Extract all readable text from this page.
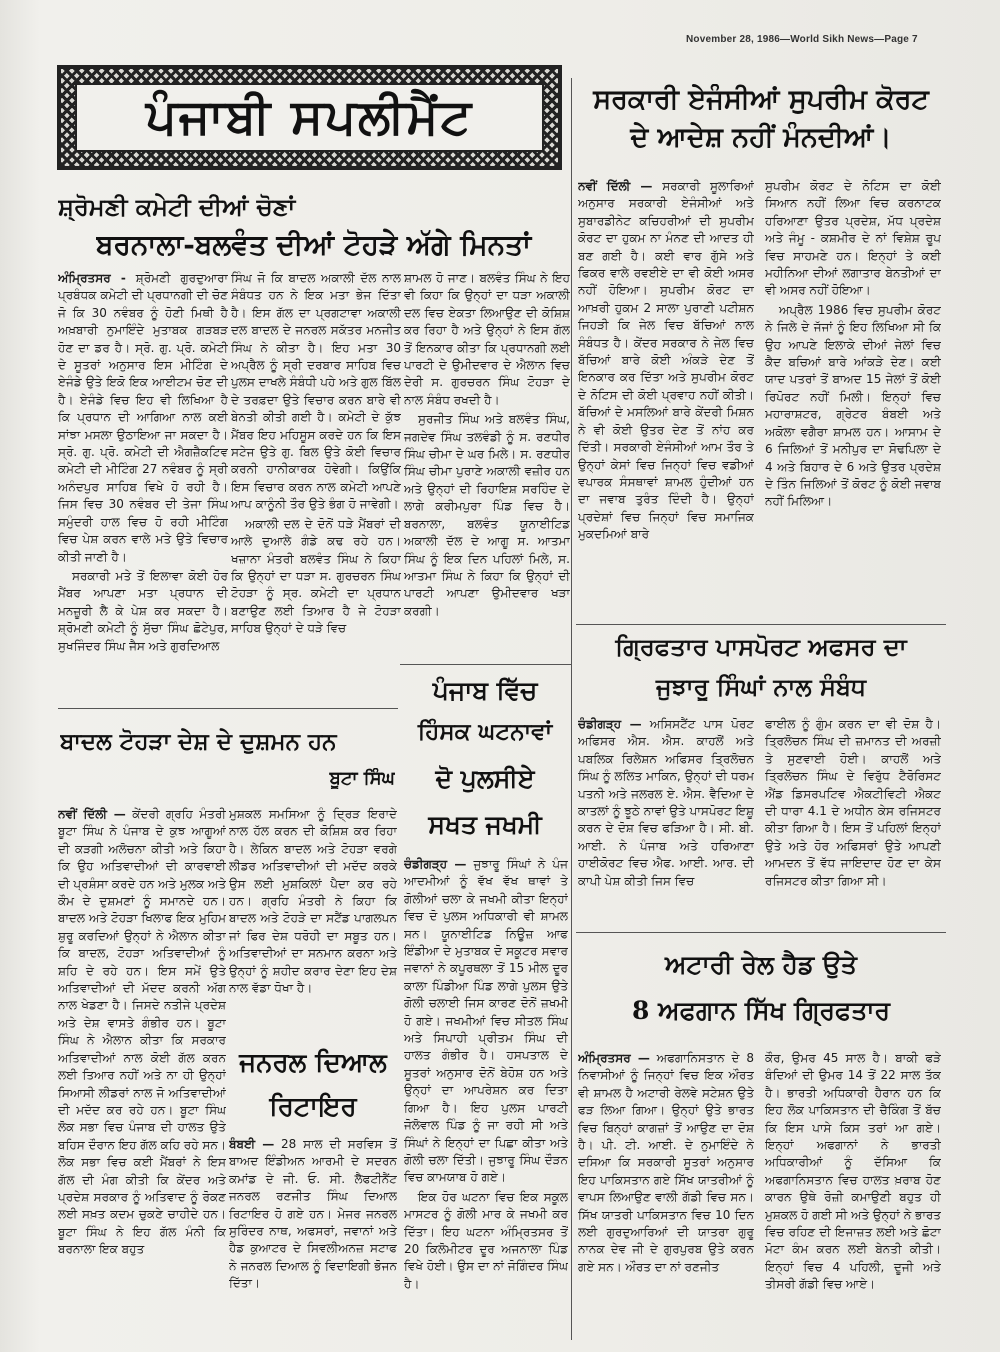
November 28, 1986—World Sikh News—Page 7
ਪੰਜਾਬੀ ਸਪਲੀਮੈਂਟ
ਸ਼੍ਰੋਮਣੀ ਕਮੇਟੀ ਦੀਆਂ ਚੋਣਾਂ
ਬਰਨਾਲਾ-ਬਲਵੰਤ ਦੀਆਂ ਟੋਹੜੇ ਅੱਗੇ ਮਿਨਤਾਂ

ਅੰਮ੍ਰਿਤਸਰ - ਸ਼੍ਰੋਮਣੀ ਗੁਰਦੁਆਰਾ ਪ੍ਰਬੰਧਕ ਕਮੇਟੀ ਦੀ ਪ੍ਰਧਾਨਗੀ ਦੀ ਚੋਣ ਜੋ ਕਿ 30 ਨਵੰਬਰ ਨੂੰ ਹੋਣੀ ਮਿਥੀ ਹੈ ਅਖ਼ਬਾਰੀ ਨੁਮਾਇੰਦੇ ਮੁਤਾਬਕ ਗੜਬੜ ਹੋਣ ਦਾ ਡਰ ਹੈ। ਸ੍ਰੋ. ਗੁ. ਪ੍ਰੋ. ਕਮੇਟੀ ਦੇ ਸੂਤਰਾਂ ਅਨੁਸਾਰ ਇਸ ਮੀਟਿੰਗ ਦੇ ਏਜੰਡੇ ਉਤੇ ਇਕੋ ਇਕ ਆਈਟਮ ਚੋਣ ਦੀ ਹੈ। ਏਜੰਡੇ ਵਿਚ ਇਹ ਵੀ ਲਿਖਿਆ ਹੈ ਕਿ ਪ੍ਰਧਾਨ ਦੀ ਆਗਿਆ ਨਾਲ ਕਈ ਸਾਂਝਾ ਮਸਲਾ ਉਠਾਇਆ ਜਾ ਸਕਦਾ ਹੈ। ਸ੍ਰੋ. ਗੁ. ਪ੍ਰੋ. ਕਮੇਟੀ ਦੀ ਐਗਜ਼ੈਕਟਿਵ ਕਮੇਟੀ ਦੀ ਮੀਟਿੰਗ 27 ਨਵੰਬਰ ਨੂੰ ਸ੍ਰੀ ਅਨੰਦਪੁਰ ਸਾਹਿਬ ਵਿਖੇ ਹੋ ਰਹੀ ਹੈ। ਜਿਸ ਵਿਚ 30 ਨਵੰਬਰ ਦੀ ਤੇਜਾ ਸਿੰਘ ਸਮੁੰਦਰੀ ਹਾਲ ਵਿਚ ਹੋ ਰਹੀ ਮੀਟਿੰਗ ਵਿਚ ਪੇਸ਼ ਕਰਨ ਵਾਲੇ ਮਤੇ ਉਤੇ ਵਿਚਾਰ ਕੀਤੀ ਜਾਣੀ ਹੈ।

ਸਰਕਾਰੀ ਮਤੇ ਤੋਂ ਇਲਾਵਾ ਕੋਈ ਹੋਰ ਮੈਂਬਰ ਆਪਣਾ ਮਤਾ ਪ੍ਰਧਾਨ ਦੀ ਮਨਜ਼ੂਰੀ ਲੈ ਕੇ ਪੇਸ਼ ਕਰ ਸਕਦਾ ਹੈ। ਸ਼੍ਰੋਮਣੀ ਕਮੇਟੀ ਨੂੰ ਸੁੱਚਾ ਸਿੰਘ ਛੋਟੇਪੁਰ, ਸੁਖਜਿੰਦਰ ਸਿੰਘ ਜੈਸ ਅਤੇ ਗੁਰਦਿਆਲ

ਸਿੰਘ ਜੋ ਕਿ ਬਾਦਲ ਅਕਾਲੀ ਦੱਲ ਨਾਲ ਸੰਬੰਧਤ ਹਨ ਨੇ ਇਕ ਮਤਾ ਭੇਜ ਦਿੱਤਾ ਹੈ। ਇਸ ਗੱਲ ਦਾ ਪ੍ਰਗਟਾਵਾ ਅਕਾਲੀ ਦਲ ਬਾਦਲ ਦੇ ਜਨਰਲ ਸਕੱਤਰ ਮਨਜੀਤ ਸਿੰਘ ਨੇ ਕੀਤਾ ਹੈ। ਇਹ ਮਤਾ 30 ਅਪ੍ਰੈਲ ਨੂੰ ਸ੍ਰੀ ਦਰਬਾਰ ਸਾਹਿਬ ਵਿਚ ਪੁਲਸ ਦਾਖਲੇ ਸੰਬੰਧੀ ਪਹੇ ਅਤੇ ਗੁਲ ਬਿੱਲ ਦੇ ਤਰਫ਼ਦਾ ਉਤੇ ਵਿਚਾਰ ਕਰਨ ਬਾਰੇ ਵੀ ਬੇਨਤੀ ਕੀਤੀ ਗਈ ਹੈ। ਕਮੇਟੀ ਦੇ ਕੁੱਝ ਮੈਂਬਰ ਇਹ ਮਹਿਸੂਸ ਕਰਦੇ ਹਨ ਕਿ ਇਸ ਸਟੇਜ ਉਤੇ ਗੁ. ਬਿਲ ਉਤੇ ਕੋਈ ਵਿਚਾਰ ਕਰਨੀ ਹਾਨੀਕਾਰਕ ਹੋਵੇਗੀ। ਕਿਉਂਕਿ ਇਸ ਵਿਚਾਰ ਕਰਨ ਨਾਲ ਕਮੇਟੀ ਆਪਣੇ ਆਪ ਕਾਨੂੰਨੀ ਤੌਰ ਉਤੇ ਭੰਗ ਹੋ ਜਾਵੇਗੀ।

ਅਕਾਲੀ ਦਲ ਦੇ ਦੋਨੋਂ ਧੜੇ ਮੈਂਬਰਾਂ ਦੀ ਆਲੇ ਦੁਆਲੇ ਗੰਡੇ ਕਢ ਰਹੇ ਹਨ। ਖਜ਼ਾਨਾ ਮੰਤਰੀ ਬਲਵੰਤ ਸਿੰਘ ਨੇ ਕਿਹਾ ਕਿ ਉਨ੍ਹਾਂ ਦਾ ਧੜਾ ਸ. ਗੁਰਚਰਨ ਸਿੰਘ ਟੋਹੜਾ ਨੂੰ ਸ੍ਰ. ਕਮੇਟੀ ਦਾ ਪ੍ਰਧਾਨ ਬਣਾਉਣ ਲਈ ਤਿਆਰ ਹੈ ਜੇ ਟੋਹੜਾ ਸਾਹਿਬ ਉਨ੍ਹਾਂ ਦੇ ਧੜੇ ਵਿਚ

ਸ਼ਾਮਲ ਹੋ ਜਾਣ। ਬਲਵੰਤ ਸਿੰਘ ਨੇ ਇਹ ਵੀ ਕਿਹਾ ਕਿ ਉਨ੍ਹਾਂ ਦਾ ਧੜਾ ਅਕਾਲੀ ਦਲ ਵਿਚ ਏਕਤਾ ਲਿਆਉਣ ਦੀ ਕੋਸ਼ਿਸ਼ ਕਰ ਰਿਹਾ ਹੈ ਅਤੇ ਉਨ੍ਹਾਂ ਨੇ ਇਸ ਗੱਲ ਤੋਂ ਇਨਕਾਰ ਕੀਤਾ ਕਿ ਪ੍ਰਧਾਨਗੀ ਲਈ ਪਾਰਟੀ ਦੇ ਉਮੀਦਵਾਰ ਦੇ ਐਲਾਨ ਵਿਚ ਦੇਰੀ ਸ. ਗੁਰਚਰਨ ਸਿੰਘ ਟੋਹੜਾ ਦੇ ਨਾਲ ਸੰਬੰਧ ਰਖਦੀ ਹੈ।

ਸੁਰਜੀਤ ਸਿੰਘ ਅਤੇ ਬਲਵੰਤ ਸਿੰਘ, ਜਗਦੇਵ ਸਿੰਘ ਤਲਵੰਡੀ ਨੂੰ ਸ. ਰਣਧੀਰ ਸਿੰਘ ਚੀਮਾ ਦੇ ਘਰ ਮਿਲੇ। ਸ. ਰਣਧੀਰ ਸਿੰਘ ਚੀਮਾ ਪੁਰਾਣੇ ਅਕਾਲੀ ਵਜ਼ੀਰ ਹਨ ਅਤੇ ਉਨ੍ਹਾਂ ਦੀ ਰਿਹਾਇਸ਼ ਸਰਹਿੰਦ ਦੇ ਲਾਗੇ ਕਰੀਮਪੁਰਾ ਪਿੰਡ ਵਿਚ ਹੈ। ਬਰਨਾਲਾ, ਬਲਵੰਤ ਯੂਨਾਈਟਿਡ ਅਕਾਲੀ ਦੱਲ ਦੇ ਆਗੂ ਸ. ਆਤਮਾ ਸਿੰਘ ਨੂੰ ਇਕ ਦਿਨ ਪਹਿਲਾਂ ਮਿਲੇ, ਸ. ਆਤਮਾ ਸਿੰਘ ਨੇ ਕਿਹਾ ਕਿ ਉਨ੍ਹਾਂ ਦੀ ਪਾਰਟੀ ਆਪਣਾ ਉਮੀਦਵਾਰ ਖੜਾ ਕਰਗੀ।

ਸਰਕਾਰੀ ਏਜੰਸੀਆਂ ਸੁਪਰੀਮ ਕੋਰਟ
ਦੇ ਆਦੇਸ਼ ਨਹੀਂ ਮੰਨਦੀਆਂ।

ਨਵੀਂ ਦਿੱਲੀ — ਸਰਕਾਰੀ ਸੂਲਾਰਿਆਂ ਅਨੁਸਾਰ ਸਰਕਾਰੀ ਏਜੰਸੀਆਂ ਅਤੇ ਸੁਬਾਰਡੀਨੇਟ ਕਚਿਹਰੀਆਂ ਦੀ ਸੁਪਰੀਮ ਕੋਰਟ ਦਾ ਹੁਕਮ ਨਾ ਮੰਨਣ ਦੀ ਆਦਤ ਹੀ ਬਣ ਗਈ ਹੈ। ਕਈ ਵਾਰ ਗੁੱਸੇ ਅਤੇ ਫਿਕਰ ਵਾਲੇ ਰਵਈਏ ਦਾ ਵੀ ਕੋਈ ਅਸਰ ਨਹੀਂ ਹੋਇਆ। ਸੁਪਰੀਮ ਕੋਰਟ ਦਾ ਆਖ਼ਰੀ ਹੁਕਮ 2 ਸਾਲਾ ਪੁਰਾਣੀ ਪਟੀਸ਼ਨ ਜਿਹੜੀ ਕਿ ਜੇਲ ਵਿਚ ਬੱਚਿਆਂ ਨਾਲ ਸੰਬੰਧਤ ਹੈ। ਕੇਂਦਰ ਸਰਕਾਰ ਨੇ ਜੇਲ ਵਿਚ ਬੱਚਿਆਂ ਬਾਰੇ ਕੋਈ ਅੰਕੜੇ ਦੇਣ ਤੋਂ ਇਨਕਾਰ ਕਰ ਦਿੱਤਾ ਅਤੇ ਸੁਪਰੀਮ ਕੋਰਟ ਦੇ ਨੋਟਿਸ ਦੀ ਕੋਈ ਪ੍ਰਵਾਹ ਨਹੀਂ ਕੀਤੀ। ਬੱਚਿਆਂ ਦੇ ਮਸਲਿਆਂ ਬਾਰੇ ਕੇਂਦਰੀ ਮਿਸ਼ਨ ਨੇ ਵੀ ਕੋਈ ਉਤਰ ਦੇਣ ਤੋਂ ਨਾਂਹ ਕਰ ਦਿੱਤੀ। ਸਰਕਾਰੀ ਏਜੰਸੀਆਂ ਆਮ ਤੌਰ ਤੇ ਉਨ੍ਹਾਂ ਕੇਸਾਂ ਵਿਚ ਜਿਨ੍ਹਾਂ ਵਿਚ ਵਡੀਆਂ ਵਪਾਰਕ ਸੰਸਥਾਵਾਂ ਸ਼ਾਮਲ ਹੁੰਦੀਆਂ ਹਨ ਦਾ ਜਵਾਬ ਤੁਰੰਤ ਦਿੰਦੀ ਹੈ। ਉਨ੍ਹਾਂ ਪ੍ਰਦੇਸ਼ਾਂ ਵਿਚ ਜਿਨ੍ਹਾਂ ਵਿਚ ਸਮਾਜਿਕ ਮੁਕਦਮਿਆਂ ਬਾਰੇ

ਸੁਪਰੀਮ ਕੋਰਟ ਦੇ ਨੋਟਿਸ ਦਾ ਕੋਈ ਸਿਆਨ ਨਹੀਂ ਲਿਆ ਵਿਚ ਕਰਨਾਟਕ ਹਰਿਆਣਾ ਉਤਰ ਪ੍ਰਦੇਸ਼, ਮੱਧ ਪ੍ਰਦੇਸ਼ ਅਤੇ ਜੰਮੂ - ਕਸ਼ਮੀਰ ਦੇ ਨਾਂ ਵਿਸ਼ੇਸ਼ ਰੂਪ ਵਿਚ ਸਾਹਮਣੇ ਹਨ। ਇਨ੍ਹਾਂ ਤੇ ਕਈ ਮਹੀਨਿਆ ਦੀਆਂ ਲਗਾਤਾਰ ਬੇਨਤੀਆਂ ਦਾ ਵੀ ਅਸਰ ਨਹੀਂ ਹੋਇਆ।

ਅਪ੍ਰੈਲ 1986 ਵਿਚ ਸੁਪਰੀਮ ਕੋਰਟ ਨੇ ਜਿਲੇ ਦੇ ਜੱਜਾਂ ਨੂੰ ਇਹ ਲਿਖਿਆ ਸੀ ਕਿ ਉਹ ਆਪਣੇ ਇਲਾਕੇ ਦੀਆਂ ਜੇਲਾਂ ਵਿਚ ਕੈਦ ਬਚਿਆਂ ਬਾਰੇ ਆਂਕੜੇ ਦੇਣ। ਕਈ ਯਾਦ ਪਤਰਾਂ ਤੋਂ ਬਾਅਦ 15 ਜੇਲਾਂ ਤੋਂ ਕੋਈ ਰਿਪੋਰਟ ਨਹੀਂ ਮਿਲੀ। ਇਨ੍ਹਾਂ ਵਿਚ ਮਹਾਰਾਸ਼ਟਰ, ਗ੍ਰੇਟਰ ਬੰਬਈ ਅਤੇ ਅਕੋਲਾ ਵਗੈਰਾ ਸ਼ਾਮਲ ਹਨ। ਆਸਾਮ ਦੇ 6 ਜਿਲਿਆਂ ਤੋਂ ਮਨੀਪੁਰ ਦਾ ਸੋਢਪਿਲਾ ਦੇ 4 ਅਤੇ ਬਿਹਾਰ ਦੇ 6 ਅਤੇ ਉਤਰ ਪ੍ਰਦੇਸ਼ ਦੇ ਤਿੰਨ ਜਿਲਿਆਂ ਤੋਂ ਕੋਰਟ ਨੂੰ ਕੋਈ ਜਵਾਬ ਨਹੀਂ ਮਿਲਿਆ।

ਗ੍ਰਿਫਤਾਰ ਪਾਸਪੋਰਟ ਅਫਸਰ ਦਾ
ਜੁਝਾਰੂ ਸਿੰਘਾਂ ਨਾਲ ਸੰਬੰਧ

ਚੰਡੀਗੜ੍ਹ — ਅਸਿਸਟੈਂਟ ਪਾਸ ਪੋਰਟ ਅਫਿਸਰ ਐਸ. ਐਸ. ਕਾਹਲੋਂ ਅਤੇ ਪਬਲਿਕ ਰਿਲੇਸ਼ਨ ਅਫਿਸਰ ਤ੍ਰਿਲੋਚਨ ਸਿੰਘ ਨੂੰ ਲਲਿਤ ਮਾਕਿਨ, ਉਨ੍ਹਾਂ ਦੀ ਧਰਮ ਪਤਨੀ ਅਤੇ ਜਲਰਲ ਏ. ਐਸ. ਵੈਦਿਆ ਦੇ ਕਾਤਲਾਂ ਨੂੰ ਝੂਠੇ ਨਾਵਾਂ ਉਤੇ ਪਾਸਪੋਰਟ ਇਸ਼ੂ ਕਰਨ ਦੇ ਦੋਸ਼ ਵਿਚ ਫੜਿਆ ਹੈ। ਸੀ. ਬੀ. ਆਈ. ਨੇ ਪੰਜਾਬ ਅਤੇ ਹਰਿਆਣਾ ਹਾਈਕੋਰਟ ਵਿਚ ਐਫ. ਆਈ. ਆਰ. ਦੀ ਕਾਪੀ ਪੇਸ਼ ਕੀਤੀ ਜਿਸ ਵਿਚ

ਫਾਈਲ ਨੂੰ ਗੁੰਮ ਕਰਨ ਦਾ ਵੀ ਦੋਸ਼ ਹੈ। ਤ੍ਰਿਲੋਚਨ ਸਿੰਘ ਦੀ ਜ਼ਮਾਨਤ ਦੀ ਅਰਜ਼ੀ ਤੇ ਸੁਣਵਾਈ ਹੋਈ। ਕਾਹਲੋਂ ਅਤੇ ਤ੍ਰਿਲੋਚਨ ਸਿੰਘ ਦੇ ਵਿਰੁੱਧ ਟੈਰੋਰਿਸਟ ਐਂਡ ਡਿਸਰਪਟਿਵ ਐਕਟੀਵਿਟੀ ਐਕਟ ਦੀ ਧਾਰਾ 4.1 ਦੇ ਅਧੀਨ ਕੇਸ ਰਜਿਸਟਰ ਕੀਤਾ ਗਿਆ ਹੈ। ਇਸ ਤੋਂ ਪਹਿਲਾਂ ਇਨ੍ਹਾਂ ਉਤੇ ਅਤੇ ਹੋਰ ਅਫਿਸਰਾਂ ਉਤੇ ਆਪਣੀ ਆਮਦਨ ਤੋਂ ਵੱਧ ਜਾਇਦਾਦ ਹੋਣ ਦਾ ਕੇਸ ਰਜਿਸਟਰ ਕੀਤਾ ਗਿਆ ਸੀ।

ਅਟਾਰੀ ਰੇਲ ਹੈਡ ਉਤੇ
8 ਅਫਗਾਨ ਸਿੱਖ ਗ੍ਰਿਫਤਾਰ

ਅੰਮ੍ਰਿਤਸਰ — ਅਫਗਾਨਿਸਤਾਨ ਦੇ 8 ਨਿਵਾਸੀਆਂ ਨੂੰ ਜਿਨ੍ਹਾਂ ਵਿਚ ਇਕ ਔਰਤ ਵੀ ਸ਼ਾਮਲ ਹੈ ਅਟਾਰੀ ਰੇਲਵੇ ਸਟੇਸ਼ਨ ਉਤੇ ਫੜ ਲਿਆ ਗਿਆ। ਉਨ੍ਹਾਂ ਉਤੇ ਭਾਰਤ ਵਿਚ ਬਿਨ੍ਹਾਂ ਕਾਗਜ਼ਾਂ ਤੋਂ ਆਉਣ ਦਾ ਦੋਸ਼ ਹੈ। ਪੀ. ਟੀ. ਆਈ. ਦੇ ਨੁਮਾਇੰਦੇ ਨੇ ਦਸਿਆ ਕਿ ਸਰਕਾਰੀ ਸੂਤਰਾਂ ਅਨੁਸਾਰ ਇਹ ਪਾਕਿਸਤਾਨ ਗਏ ਸਿੱਖ ਯਾਤਰੀਆਂ ਨੂੰ ਵਾਪਸ ਲਿਆਉਣ ਵਾਲੀ ਗੱਡੀ ਵਿਚ ਸਨ। ਸਿੱਖ ਯਾਤਰੀ ਪਾਕਿਸਤਾਨ ਵਿਚ 10 ਦਿਨ ਲਈ ਗੁਰਦੁਆਰਿਆਂ ਦੀ ਯਾਤਰਾ ਗੁਰੂ ਨਾਨਕ ਦੇਵ ਜੀ ਦੇ ਗੁਰਪੁਰਬ ਉਤੇ ਕਰਨ ਗਏ ਸਨ। ਔਰਤ ਦਾ ਨਾਂ ਰਣਜੀਤ

ਕੌਰ, ਉਮਰ 45 ਸਾਲ ਹੈ। ਬਾਕੀ ਫੜੇ ਬੰਦਿਆਂ ਦੀ ਉਮਰ 14 ਤੋਂ 22 ਸਾਲ ਤੱਕ ਹੈ। ਭਾਰਤੀ ਅਧਿਕਾਰੀ ਹੈਰਾਨ ਹਨ ਕਿ ਇਹ ਲੋਕ ਪਾਕਿਸਤਾਨ ਦੀ ਚੈਕਿੰਗ ਤੋਂ ਬੱਚ ਕਿ ਇਸ ਪਾਸੇ ਕਿਸ ਤਰਾਂ ਆ ਗਏ। ਇਨ੍ਹਾਂ ਅਫਗਾਨਾਂ ਨੇ ਭਾਰਤੀ ਅਧਿਕਾਰੀਆਂ ਨੂੰ ਦੱਸਿਆ ਕਿ ਅਫਗਾਨਿਸਤਾਨ ਵਿਚ ਹਾਲਤ ਖ਼ਰਾਬ ਹੋਣ ਕਾਰਨ ਉਥੇ ਰੋਜ਼ੀ ਕਮਾਉਣੀ ਬਹੁਤ ਹੀ ਮੁਸ਼ਕਲ ਹੋ ਗਈ ਸੀ ਅਤੇ ਉਨ੍ਹਾਂ ਨੇ ਭਾਰਤ ਵਿਚ ਰਹਿਣ ਦੀ ਇਜਾਜ਼ਤ ਲਈ ਅਤੇ ਛੋਟਾ ਮੋਟਾ ਕੰਮ ਕਰਨ ਲਈ ਬੇਨਤੀ ਕੀਤੀ। ਇਨ੍ਹਾਂ ਵਿਚ 4 ਪਹਿਲੀ, ਦੂਜੀ ਅਤੇ ਤੀਸਰੀ ਗੱਡੀ ਵਿਚ ਆਏ।

ਬਾਦਲ ਟੋਹੜਾ ਦੇਸ਼ ਦੇ ਦੁਸ਼ਮਨ ਹਨ
ਬੂਟਾ ਸਿੰਘ

ਨਵੀਂ ਦਿੱਲੀ — ਕੇਂਦਰੀ ਗ੍ਰਹਿ ਮੰਤਰੀ ਬੂਟਾ ਸਿੰਘ ਨੇ ਪੰਜਾਬ ਦੇ ਕੁਝ ਆਗੂਆਂ ਦੀ ਕੜਗੀ ਅਲੋਚਨਾ ਕੀਤੀ ਅਤੇ ਕਿਹਾ ਕਿ ਉਹ ਅਤਿਵਾਦੀਆਂ ਦੀ ਕਾਰਵਾਈ ਦੀ ਪ੍ਰਸ਼ੰਸਾ ਕਰਦੇ ਹਨ ਅਤੇ ਮੁਲਕ ਅਤੇ ਕੌਮ ਦੇ ਦੁਸ਼ਮਣਾਂ ਨੂੰ ਸਮਾਨਦੇ ਹਨ। ਬਾਦਲ ਅਤੇ ਟੋਹੜਾ ਖਿਲਾਫ ਇਕ ਮੁਹਿਮ ਸ਼ੁਰੂ ਕਰਦਿਆਂ ਉਨ੍ਹਾਂ ਨੇ ਐਲਾਨ ਕੀਤਾ ਕਿ ਬਾਦਲ, ਟੋਹੜਾ ਅਤਿਵਾਦੀਆਂ ਨੂੰ ਸ਼ਹਿ ਦੇ ਰਹੇ ਹਨ। ਇਸ ਸਮੇਂ ਉਤੇ ਅਤਿਵਾਦੀਆਂ ਦੀ ਮੱਦਦ ਕਰਨੀ ਅੱਗ ਨਾਲ ਖੇਡਣਾ ਹੈ। ਜਿਸਦੇ ਨਤੀਜੇ ਪ੍ਰਦੇਸ਼ ਅਤੇ ਦੇਸ਼ ਵਾਸਤੇ ਗੰਭੀਰ ਹਨ। ਬੂਟਾ ਸਿੰਘ ਨੇ ਐਲਾਨ ਕੀਤਾ ਕਿ ਸਰਕਾਰ ਅਤਿਵਾਦੀਆਂ ਨਾਲ ਕੋਈ ਗੱਲ ਕਰਨ ਲਈ ਤਿਆਰ ਨਹੀਂ ਅਤੇ ਨਾ ਹੀ ਉਨ੍ਹਾਂ ਸਿਆਸੀ ਲੀਡਰਾਂ ਨਾਲ ਜੋ ਅਤਿਵਾਦੀਆਂ ਦੀ ਮਦੱਦ ਕਰ ਰਹੇ ਹਨ। ਬੂਟਾ ਸਿੰਘ ਲੋਕ ਸਭਾ ਵਿਚ ਪੰਜਾਬ ਦੀ ਹਾਲਤ ਉਤੇ ਬਹਿਸ ਦੌਰਾਨ ਇਹ ਗੱਲ ਕਹਿ ਰਹੇ ਸਨ। ਲੋਕ ਸਭਾ ਵਿਚ ਕਈ ਮੈਂਬਰਾਂ ਨੇ ਇਸ ਗੱਲ ਦੀ ਮੰਗ ਕੀਤੀ ਕਿ ਕੇਂਦਰ ਅਤੇ ਪ੍ਰਦੇਸ਼ ਸਰਕਾਰ ਨੂੰ ਅਤਿਵਾਦ ਨੂੰ ਰੋਕਣ ਲਈ ਸਖ਼ਤ ਕਦਮ ਚੁਕਣੇ ਚਾਹੀਦੇ ਹਨ। ਬੂਟਾ ਸਿੰਘ ਨੇ ਇਹ ਗੱਲ ਮੰਨੀ ਕਿ ਬਰਨਾਲਾ ਇਕ ਬਹੁਤ

ਮੁਸ਼ਕਲ ਸਮਸਿਆ ਨੂੰ ਦ੍ਰਿੜ ਇਰਾਦੇ ਨਾਲ ਹੱਲ ਕਰਨ ਦੀ ਕੋਸ਼ਿਸ਼ ਕਰ ਰਿਹਾ ਹੈ। ਲੇਕਿਨ ਬਾਦਲ ਅਤੇ ਟੋਹੜਾ ਵਰਗੇ ਲੀਡਰ ਅਤਿਵਾਦੀਆਂ ਦੀ ਮਦੱਦ ਕਰਕੇ ਉਸ ਲਈ ਮੁਸ਼ਕਿਲਾਂ ਪੈਦਾ ਕਰ ਰਹੇ ਹਨ। ਗ੍ਰਹਿ ਮੰਤਰੀ ਨੇ ਕਿਹਾ ਕਿ ਬਾਦਲ ਅਤੇ ਟੋਹੜੇ ਦਾ ਸਟੈਂਡ ਪਾਗਲਪਨ ਜਾਂ ਫਿਰ ਦੇਸ਼ ਧਰੋਹੀ ਦਾ ਸਬੂਤ ਹਨ। ਅਤਿਵਾਦੀਆਂ ਦਾ ਸਨਮਾਨ ਕਰਨਾ ਅਤੇ ਉਨ੍ਹਾਂ ਨੂੰ ਸ਼ਹੀਦ ਕਰਾਰ ਦੇਣਾ ਇਹ ਦੇਸ਼ ਨਾਲ ਵੱਡਾ ਧੋਖਾ ਹੈ।

ਜਨਰਲ ਦਿਆਲ
ਰਿਟਾਇਰ

ਬੰਬਈ — 28 ਸਾਲ ਦੀ ਸਰਵਿਸ ਤੋਂ ਬਾਅਦ ਇੰਡੀਅਨ ਆਰਮੀ ਦੇ ਸਦਰਨ ਕਮਾਂਡ ਦੇ ਜੀ. ਓ. ਸੀ. ਲੈਫਟੀਨੈਂਟ ਜਨਰਲ ਰਣਜੀਤ ਸਿੰਘ ਦਿਆਲ ਰਿਟਾਇਰ ਹੋ ਗਏ ਹਨ। ਮੇਜਰ ਜਨਰਲ ਸੁਰਿੰਦਰ ਨਾਥ, ਅਫਸਰਾਂ, ਜਵਾਨਾਂ ਅਤੇ ਹੈਡ ਕੁਆਟਰ ਦੇ ਸਿਵਲੀਅਨਜ਼ ਸਟਾਫ ਨੇ ਜਨਰਲ ਦਿਆਲ ਨੂੰ ਵਿਦਾਇਗੀ ਭੋਜਨ ਦਿੱਤਾ।

ਪੰਜਾਬ ਵਿੱਚ
ਹਿੰਸਕ ਘਟਨਾਵਾਂ
ਦੋ ਪੁਲਸੀਏ
ਸਖਤ ਜਖਮੀ

ਚੰਡੀਗੜ੍ਹ — ਜੁਝਾਰੂ ਸਿੰਘਾਂ ਨੇ ਪੰਜ ਆਦਮੀਆਂ ਨੂੰ ਵੱਖ ਵੱਖ ਥਾਵਾਂ ਤੇ ਗੋਲੀਆਂ ਚਲਾ ਕੇ ਜਖਮੀ ਕੀਤਾ ਇਨ੍ਹਾਂ ਵਿਚ ਦੋ ਪੁਲਸ ਅਧਿਕਾਰੀ ਵੀ ਸ਼ਾਮਲ ਸਨ। ਯੂਨਾਈਟਿਡ ਨਿਊਜ਼ ਆਫ ਇੰਡੀਆ ਦੇ ਮੁਤਾਬਕ ਦੋ ਸਕੂਟਰ ਸਵਾਰ ਜਵਾਨਾਂ ਨੇ ਕਪੂਰਥਲਾ ਤੋਂ 15 ਮੀਲ ਦੂਰ ਕਾਲਾ ਪਿੰਡੀਆ ਪਿੰਡ ਲਾਗੇ ਪੁਲਸ ਉਤੇ ਗੋਲੀ ਚਲਾਈ ਜਿਸ ਕਾਰਣ ਦੋਨੋਂ ਜ਼ਖਮੀ ਹੋ ਗਏ। ਜਖਮੀਆਂ ਵਿਚ ਸੀਤਲ ਸਿੰਘ ਅਤੇ ਸਿਪਾਹੀ ਪ੍ਰੀਤਮ ਸਿੰਘ ਦੀ ਹਾਲਤ ਗੰਭੀਰ ਹੈ। ਹਸਪਤਾਲ ਦੇ ਸੂਤਰਾਂ ਅਨੁਸਾਰ ਦੋਨੋਂ ਬੇਹੋਸ਼ ਹਨ ਅਤੇ ਉਨ੍ਹਾਂ ਦਾ ਆਪਰੇਸ਼ਨ ਕਰ ਦਿਤਾ ਗਿਆ ਹੈ। ਇਹ ਪੁਲਸ ਪਾਰਟੀ ਜੋਲੋਵਾਲ ਪਿੰਡ ਨੂੰ ਜਾ ਰਹੀ ਸੀ ਅਤੇ ਸਿੰਘਾਂ ਨੇ ਇਨ੍ਹਾਂ ਦਾ ਪਿਛਾ ਕੀਤਾ ਅਤੇ ਗੋਲੀ ਚਲਾ ਦਿੱਤੀ। ਜੁਝਾਰੂ ਸਿੰਘ ਦੌੜਨ ਵਿਚ ਕਾਮਯਾਬ ਹੋ ਗਏ।

ਇਕ ਹੋਰ ਘਟਨਾ ਵਿਚ ਇਕ ਸਕੂਲ ਮਾਸਟਰ ਨੂੰ ਗੋਲੀ ਮਾਰ ਕੇ ਜਖਮੀ ਕਰ ਦਿੱਤਾ। ਇਹ ਘਟਨਾ ਅੰਮ੍ਰਿਤਸਰ ਤੋਂ 20 ਕਿਲੋਮੀਟਰ ਦੂਰ ਅਜਨਾਲਾ ਪਿੰਡ ਵਿਖੇ ਹੋਈ। ਉਸ ਦਾ ਨਾਂ ਜੋਗਿੰਦਰ ਸਿੰਘ ਹੈ।
